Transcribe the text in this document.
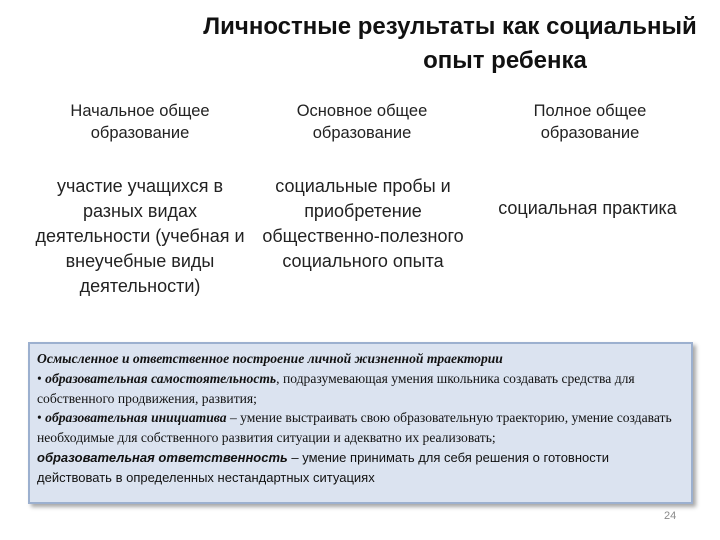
Личностные результаты как социальный

опыт ребенка
Начальное общее образование
Основное общее образование
Полное общее образование
участие учащихся в разных видах деятельности (учебная и внеучебные виды деятельности)
социальные пробы и приобретение общественно-полезного социального опыта
социальная практика

Осмысленное и ответственное построение личной жизненной траектории

• образовательная самостоятельность, подразумевающая умения школьника создавать средства для собственного продвижения, развития;

• образовательная инициатива – умение выстраивать свою образовательную траекторию, умение создавать необходимые для собственного развития ситуации и адекватно их реализовать;

образовательная ответственность – умение принимать для себя решения о готовности действовать в определенных нестандартных ситуациях

24
